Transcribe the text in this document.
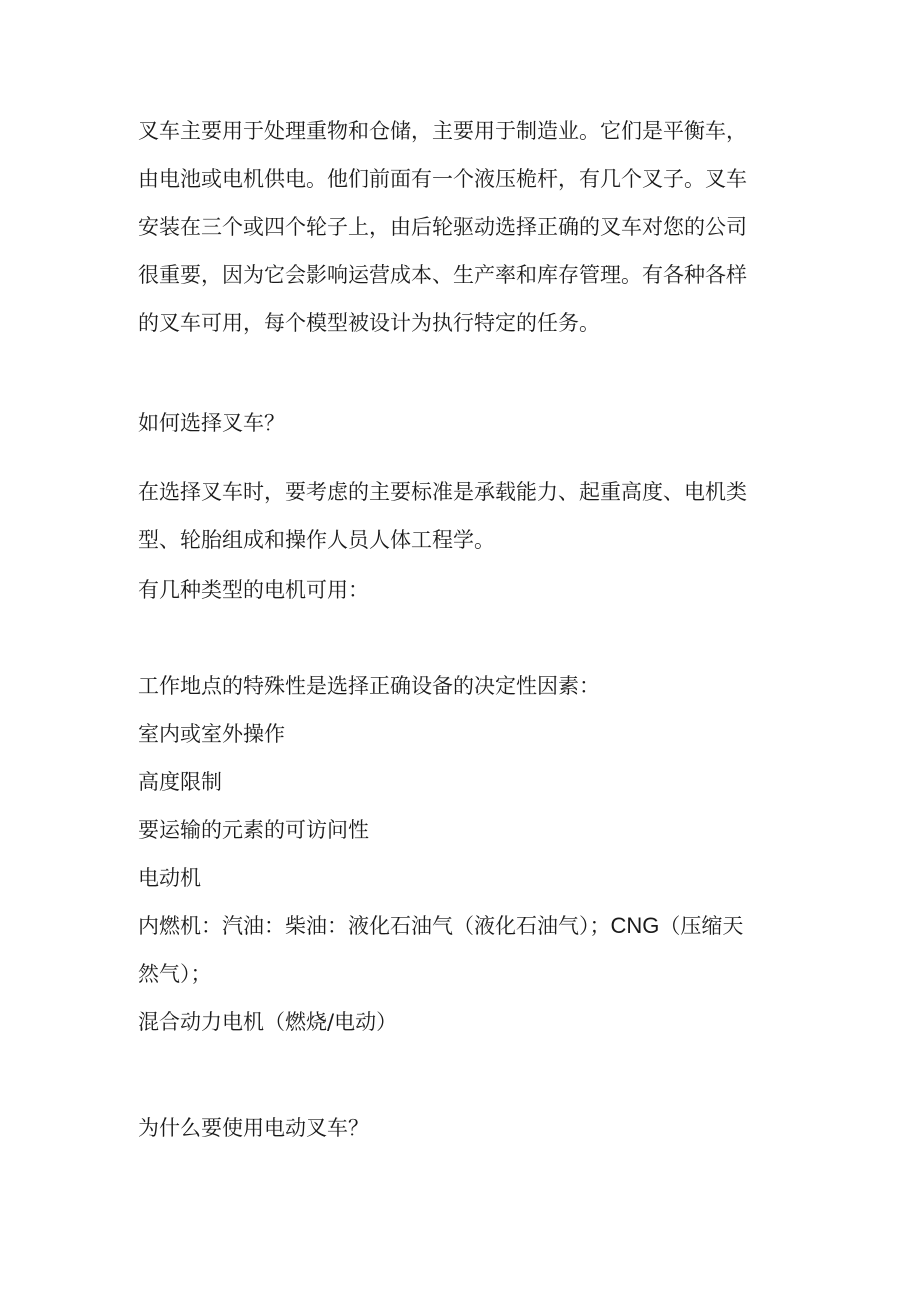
叉车主要用于处理重物和仓储，主要用于制造业。它们是平衡车，
由电池或电机供电。他们前面有一个液压桅杆，有几个叉子。叉车
安装在三个或四个轮子上，由后轮驱动选择正确的叉车对您的公司
很重要，因为它会影响运营成本、生产率和库存管理。有各种各样
的叉车可用，每个模型被设计为执行特定的任务。
如何选择叉车？
在选择叉车时，要考虑的主要标准是承载能力、起重高度、电机类
型、轮胎组成和操作人员人体工程学。
有几种类型的电机可用：
工作地点的特殊性是选择正确设备的决定性因素：
室内或室外操作
高度限制
要运输的元素的可访问性
电动机
内燃机：汽油：柴油：液化石油气（液化石油气）；CNG（压缩天
然气）；
混合动力电机（燃烧/电动）
为什么要使用电动叉车？
